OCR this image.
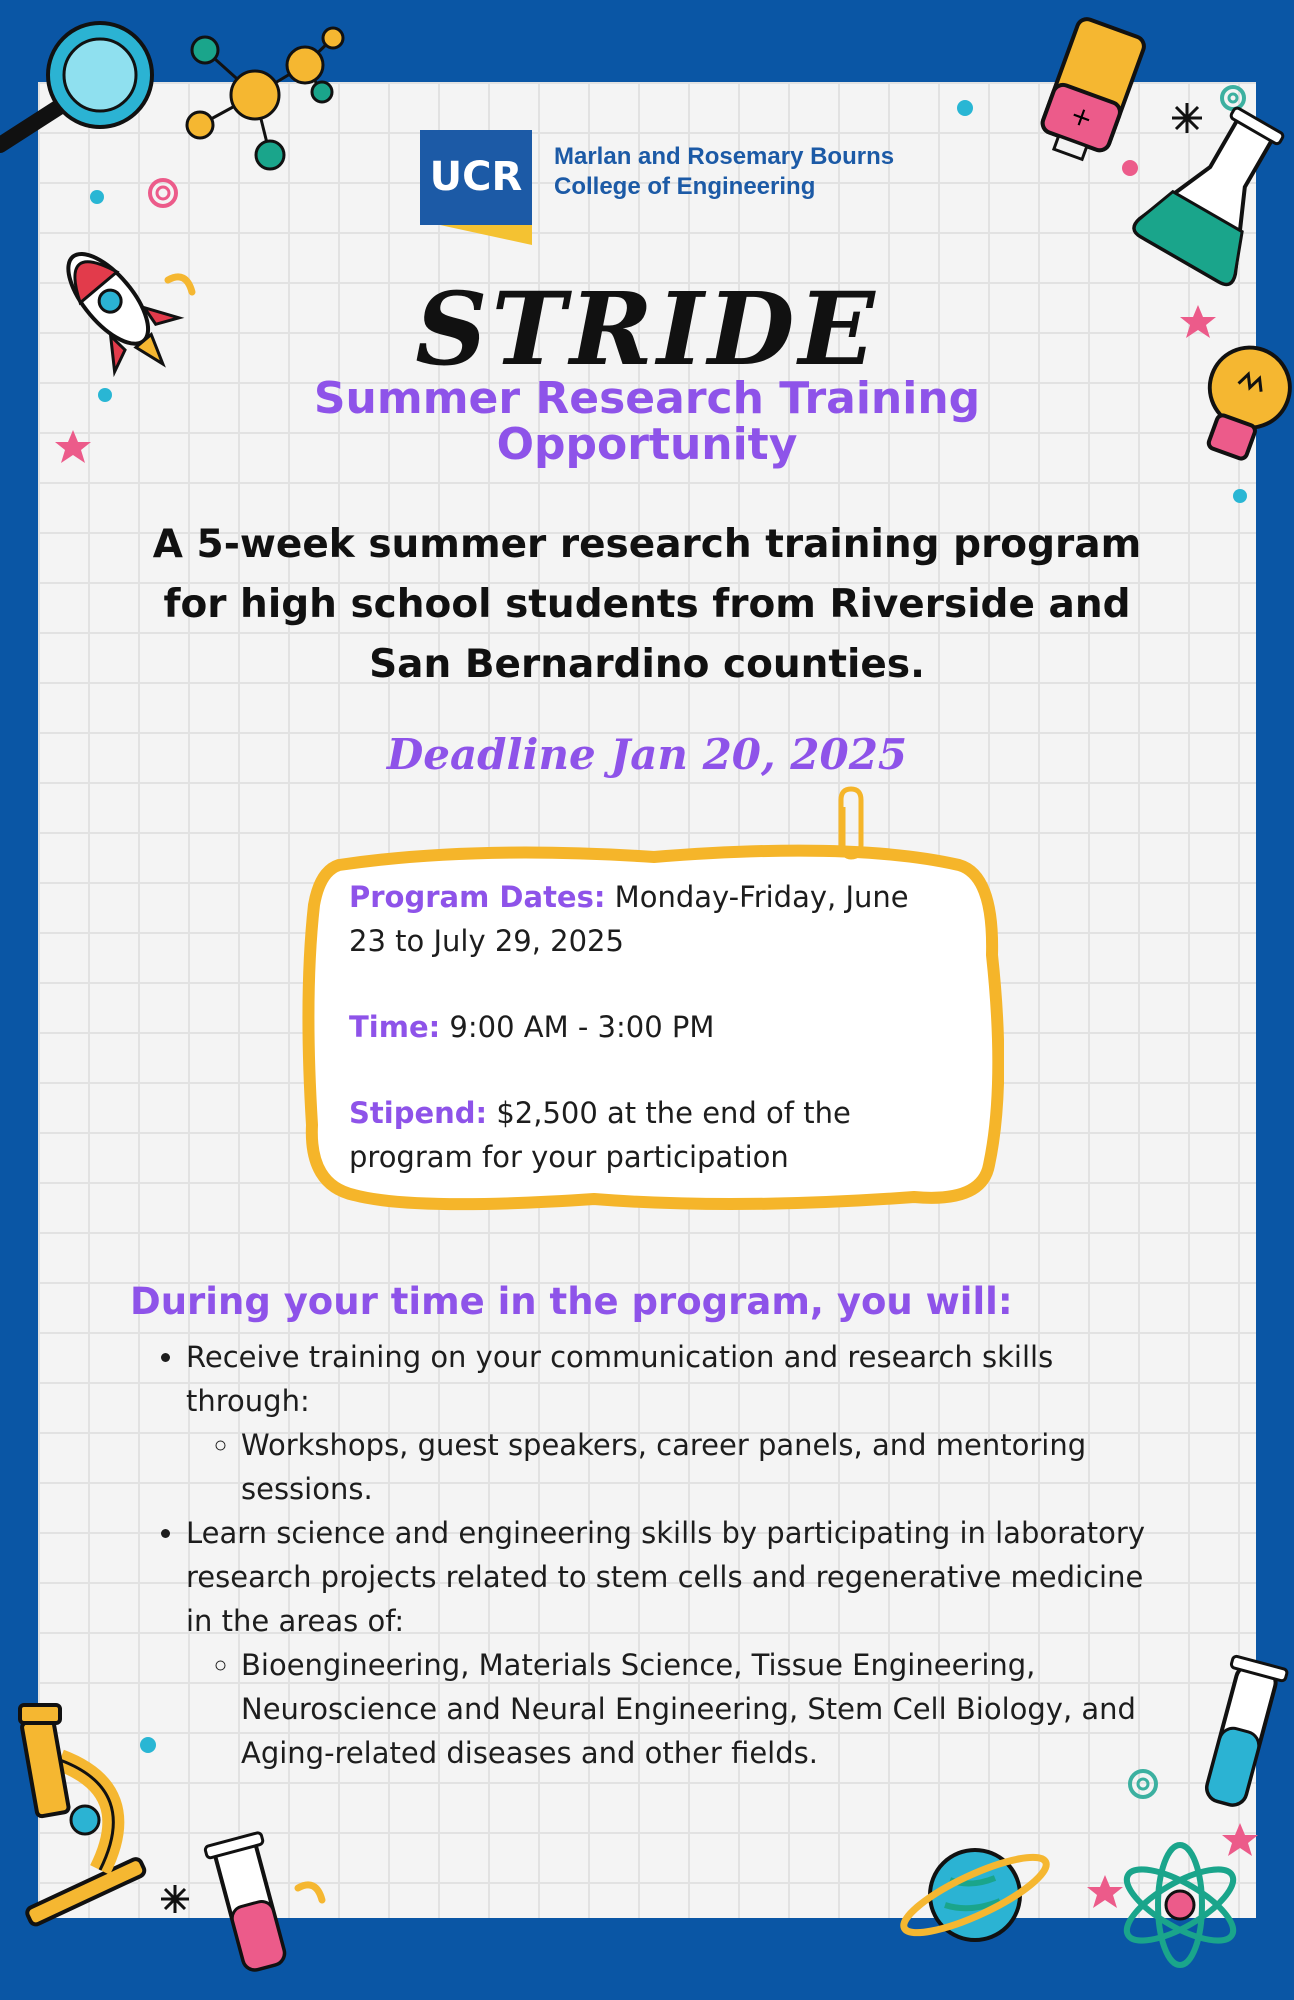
+
UCR	Marlan and Rosemary Bourns
College of Engineering
STRIDE
Summer Research Training
Opportunity
A 5-week summer research training program
for high school students from Riverside and
San Bernardino counties.
Deadline Jan 20, 2025

Program Dates: Monday-Friday, June 23 to July 29, 2025

Time: 9:00 AM - 3:00 PM

Stipend: $2,500 at the end of the program for your participation

During your time in the program, you will:
• Receive training on your communication and research skills through:
◦ Workshops, guest speakers, career panels, and mentoring sessions.
• Learn science and engineering skills by participating in laboratory research projects related to stem cells and regenerative medicine in the areas of:
◦ Bioengineering, Materials Science, Tissue Engineering, Neuroscience and Neural Engineering, Stem Cell Biology, and Aging-related diseases and other fields.
